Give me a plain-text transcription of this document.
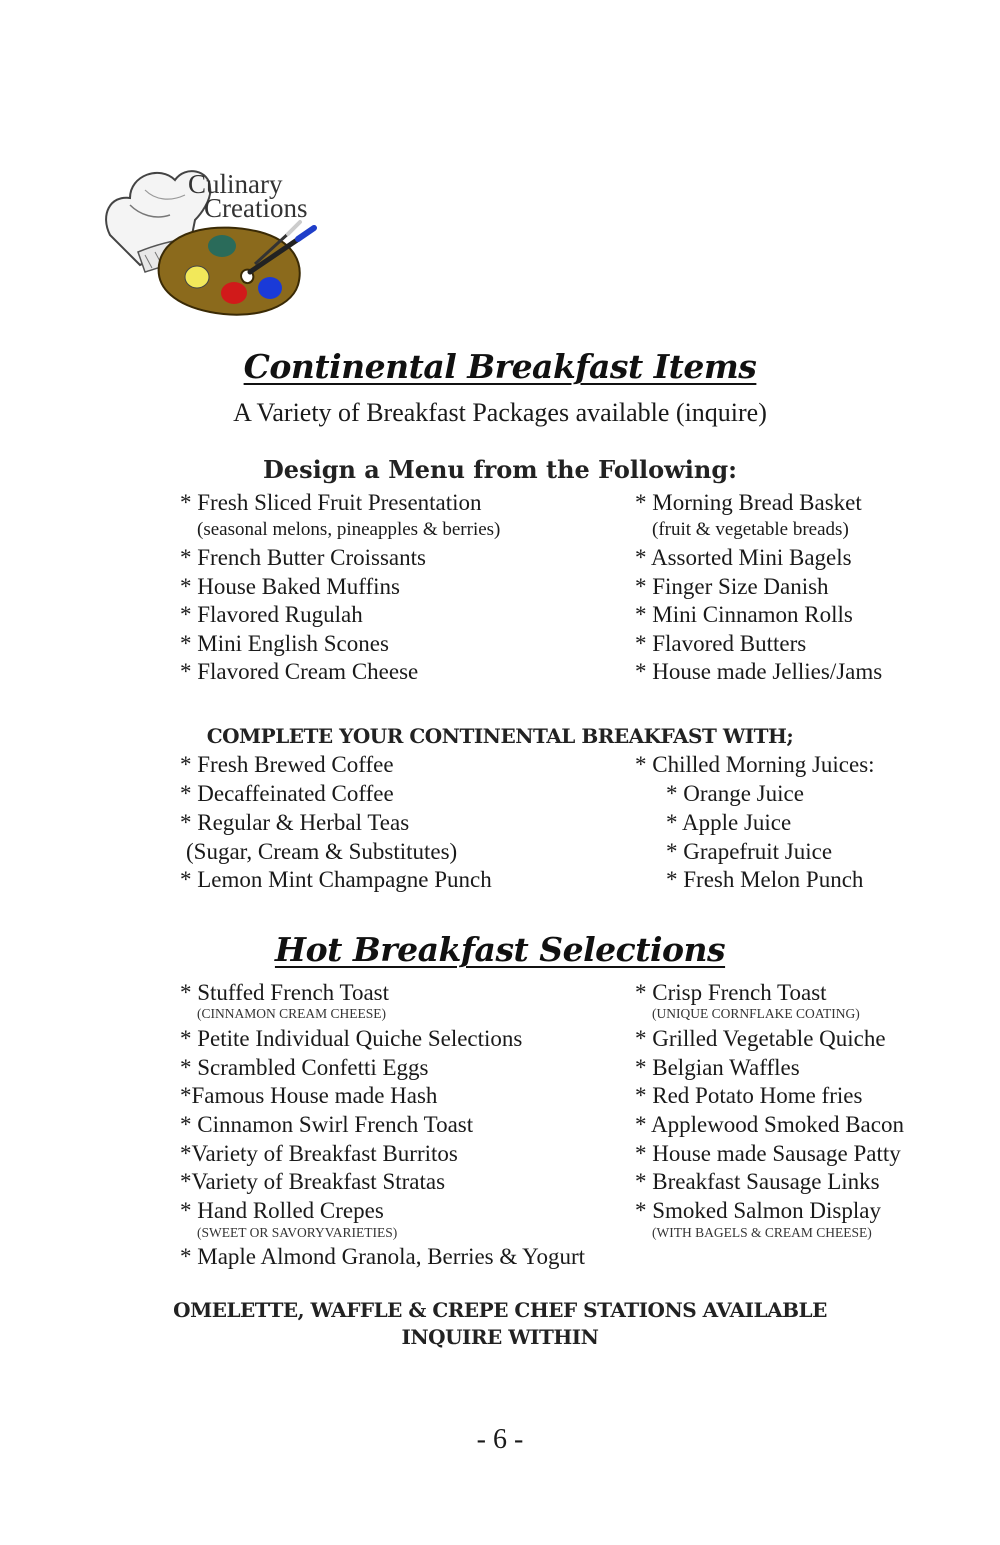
Culinary
Creations
Continental Breakfast Items
A Variety of Breakfast Packages available (inquire)
Design a Menu from the Following:
* Fresh Sliced Fruit Presentation
(seasonal melons, pineapples & berries)
* French Butter Croissants
* House Baked Muffins
* Flavored Rugulah
* Mini English Scones
* Flavored Cream Cheese
* Morning Bread Basket
(fruit & vegetable breads)
* Assorted Mini Bagels
* Finger Size Danish
* Mini Cinnamon Rolls
* Flavored Butters
* House made Jellies/Jams
COMPLETE YOUR CONTINENTAL BREAKFAST WITH;
* Fresh Brewed Coffee
* Decaffeinated Coffee
* Regular & Herbal Teas
(Sugar, Cream & Substitutes)
* Lemon Mint Champagne Punch
* Chilled Morning Juices:
* Orange Juice
* Apple Juice
* Grapefruit Juice
* Fresh Melon Punch
Hot Breakfast Selections
* Stuffed French Toast
(CINNAMON CREAM CHEESE)
* Petite Individual Quiche Selections
* Scrambled Confetti Eggs
*Famous House made Hash
* Cinnamon Swirl French Toast
*Variety of Breakfast Burritos
*Variety of Breakfast Stratas
* Hand Rolled Crepes
(SWEET OR SAVORYVARIETIES)
* Maple Almond Granola, Berries & Yogurt
* Crisp French Toast
(UNIQUE CORNFLAKE COATING)
* Grilled Vegetable Quiche
* Belgian Waffles
* Red Potato Home fries
* Applewood Smoked Bacon
* House made Sausage Patty
* Breakfast Sausage Links
* Smoked Salmon Display
(WITH BAGELS & CREAM CHEESE)
OMELETTE, WAFFLE & CREPE CHEF STATIONS AVAILABLE
INQUIRE WITHIN
- 6 -
